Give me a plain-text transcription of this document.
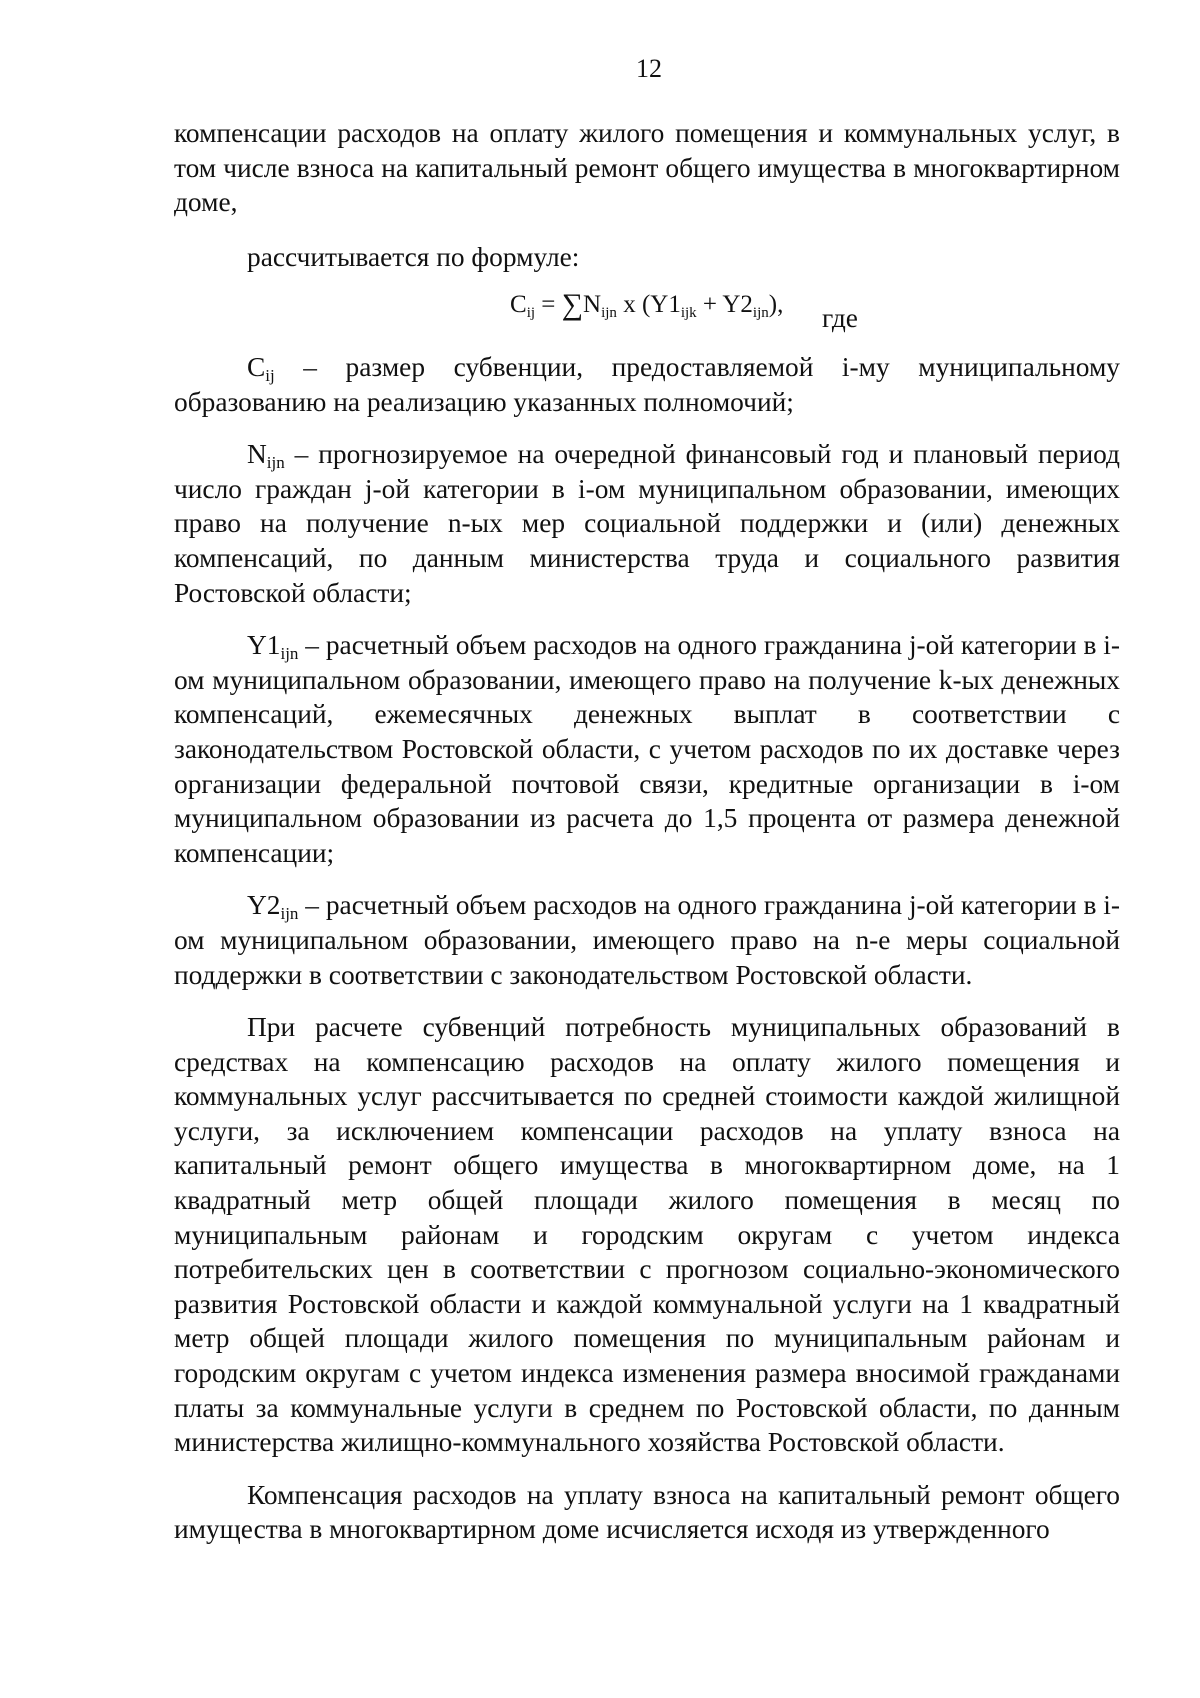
12

компенсации расходов на оплату жилого помещения и коммунальных услуг, в том числе взноса на капитальный ремонт общего имущества в многоквартирном доме,

рассчитывается по формуле:
$C_{ij} = \sum N_{ijn}$ x $(Y1_{ijk} + Y2_{ijn})$, где

$C_{ij}$ – размер субвенции, предоставляемой i-му муниципальному образованию на реализацию указанных полномочий;

$N_{ijn}$ – прогнозируемое на очередной финансовый год и плановый период число граждан j-ой категории в i-ом муниципальном образовании, имеющих право на получение n-ых мер социальной поддержки и (или) денежных компенсаций, по данным министерства труда и социального развития Ростовской области;

$Y1_{ijn}$ – расчетный объем расходов на одного гражданина j-ой категории в i-ом муниципальном образовании, имеющего право на получение k-ых денежных компенсаций, ежемесячных денежных выплат в соответствии с законодательством Ростовской области, с учетом расходов по их доставке через организации федеральной почтовой связи, кредитные организации в i-ом муниципальном образовании из расчета до 1,5 процента от размера денежной компенсации;

$Y2_{ijn}$ – расчетный объем расходов на одного гражданина j-ой категории в i-ом муниципальном образовании, имеющего право на n-е меры социальной поддержки в соответствии с законодательством Ростовской области.

При расчете субвенций потребность муниципальных образований в средствах на компенсацию расходов на оплату жилого помещения и коммунальных услуг рассчитывается по средней стоимости каждой жилищной услуги, за исключением компенсации расходов на уплату взноса на капитальный ремонт общего имущества в многоквартирном доме, на 1 квадратный метр общей площади жилого помещения в месяц по муниципальным районам и городским округам с учетом индекса потребительских цен в соответствии с прогнозом социально-экономического развития Ростовской области и каждой коммунальной услуги на 1 квадратный метр общей площади жилого помещения по муниципальным районам и городским округам с учетом индекса изменения размера вносимой гражданами платы за коммунальные услуги в среднем по Ростовской области, по данным министерства жилищно-коммунального хозяйства Ростовской области.

Компенсация расходов на уплату взноса на капитальный ремонт общего имущества в многоквартирном доме исчисляется исходя из утвержденного
